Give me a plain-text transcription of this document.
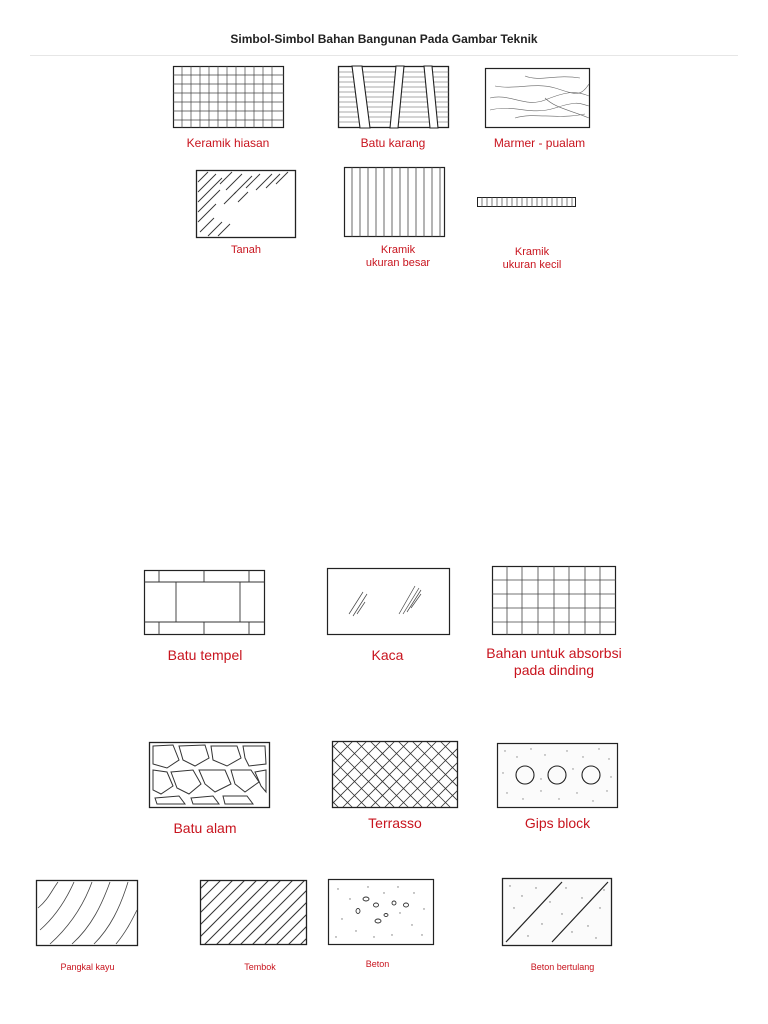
Simbol-Simbol Bahan Bangunan Pada Gambar Teknik
Keramik hiasan	Batu karang	Marmer - pualam
Tanah	Kramik
ukuran besar
Kramik
ukuran kecil
Batu tempel	Kaca	Bahan untuk absorbsi
pada dinding
Batu alam	Terrasso	Gips block
Pangkal kayu	Tembok	Beton	Beton bertulang
